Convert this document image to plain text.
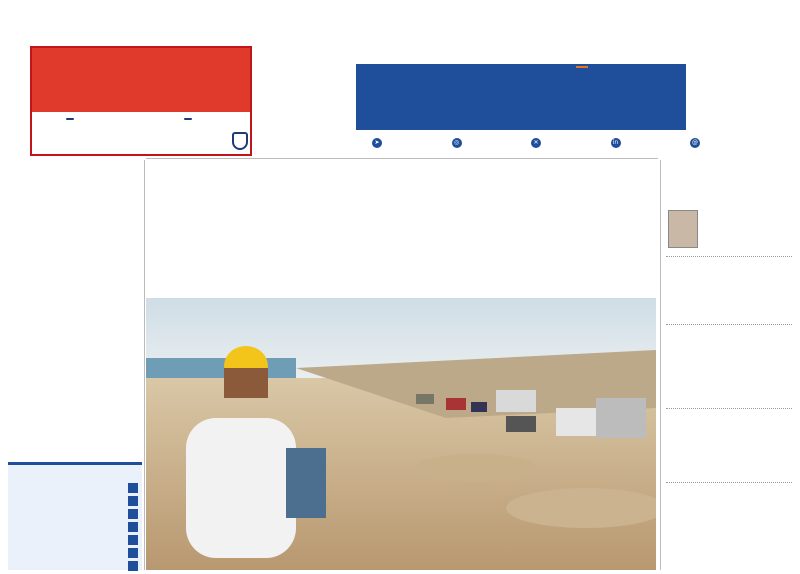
➤	◎	✕	in	@
